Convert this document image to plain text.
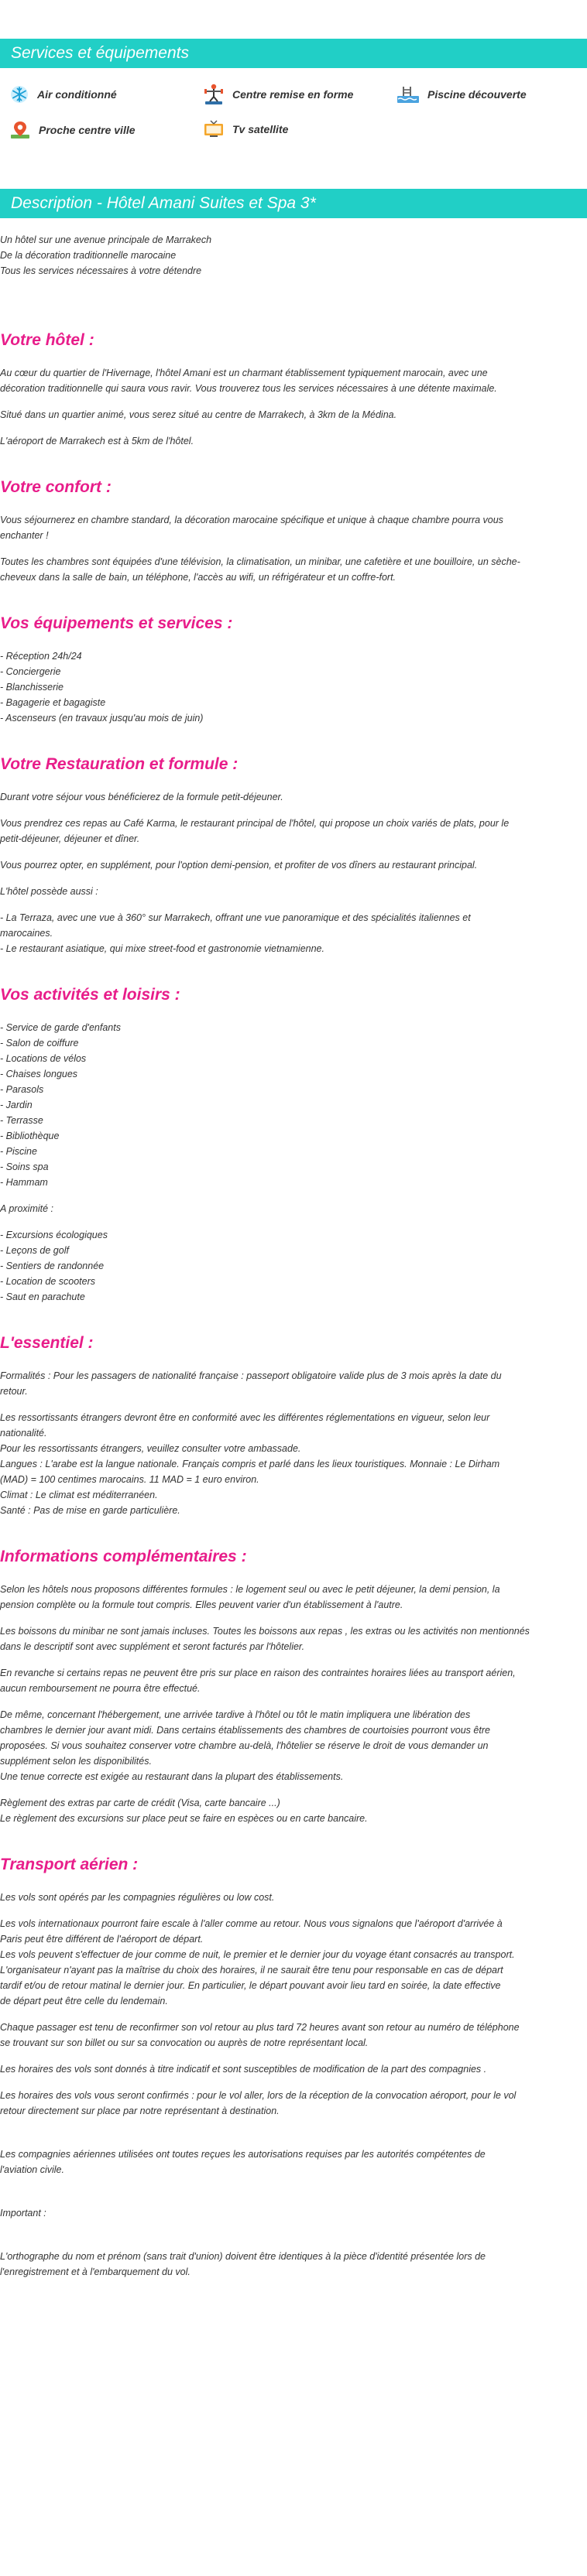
Services et équipements
Air conditionné	Centre remise en forme	Piscine découverte
Proche centre ville	Tv satellite
Description - Hôtel Amani Suites et Spa 3*
Un hôtel sur une avenue principale de Marrakech
De la décoration traditionnelle marocaine
Tous les services nécessaires à votre détendre
Votre hôtel :
Au cœur du quartier de l'Hivernage, l'hôtel Amani est un charmant établissement typiquement marocain, avec une
décoration traditionnelle qui saura vous ravir. Vous trouverez tous les services nécessaires à une détente maximale.
Situé dans un quartier animé, vous serez situé au centre de Marrakech, à 3km de la Médina.
L'aéroport de Marrakech est à 5km de l'hôtel.
Votre confort :
Vous séjournerez en chambre standard, la décoration marocaine spécifique et unique à chaque chambre pourra vous
enchanter !
Toutes les chambres sont équipées d'une télévision, la climatisation, un minibar, une cafetière et une bouilloire, un sèche-
cheveux dans la salle de bain, un téléphone, l'accès au wifi, un réfrigérateur et un coffre-fort.
Vos équipements et services :
- Réception 24h/24
- Conciergerie
- Blanchisserie
- Bagagerie et bagagiste
- Ascenseurs (en travaux jusqu'au mois de juin)
Votre Restauration et formule :
Durant votre séjour vous bénéficierez de la formule petit-déjeuner.
Vous prendrez ces repas au Café Karma, le restaurant principal de l'hôtel, qui propose un choix variés de plats, pour le
petit-déjeuner, déjeuner et dîner.
Vous pourrez opter, en supplément, pour l'option demi-pension, et profiter de vos dîners au restaurant principal.
L'hôtel possède aussi :
- La Terraza, avec une vue à 360° sur Marrakech, offrant une vue panoramique et des spécialités italiennes et
marocaines.
- Le restaurant asiatique, qui mixe street-food et gastronomie vietnamienne.
Vos activités et loisirs :
- Service de garde d'enfants
- Salon de coiffure
- Locations de vélos
- Chaises longues
- Parasols
- Jardin
- Terrasse
- Bibliothèque
- Piscine
- Soins spa
- Hammam
A proximité :
- Excursions écologiques
- Leçons de golf
- Sentiers de randonnée
- Location de scooters
- Saut en parachute
L'essentiel :
Formalités : Pour les passagers de nationalité française : passeport obligatoire valide plus de 3 mois après la date du
retour.
Les ressortissants étrangers devront être en conformité avec les différentes réglementations en vigueur, selon leur
nationalité.
Pour les ressortissants étrangers, veuillez consulter votre ambassade.
Langues : L'arabe est la langue nationale. Français compris et parlé dans les lieux touristiques. Monnaie : Le Dirham
(MAD) = 100 centimes marocains. 11 MAD = 1 euro environ.
Climat : Le climat est méditerranéen.
Santé : Pas de mise en garde particulière.
Informations complémentaires :
Selon les hôtels nous proposons différentes formules : le logement seul ou avec le petit déjeuner, la demi pension, la
pension complète ou la formule tout compris. Elles peuvent varier d'un établissement à l'autre.
Les boissons du minibar ne sont jamais incluses. Toutes les boissons aux repas , les extras ou les activités non mentionnés
dans le descriptif sont avec supplément et seront facturés par l'hôtelier.
En revanche si certains repas ne peuvent être pris sur place en raison des contraintes horaires liées au transport aérien,
aucun remboursement ne pourra être effectué.
De même, concernant l'hébergement, une arrivée tardive à l'hôtel ou tôt le matin impliquera une libération des
chambres le dernier jour avant midi. Dans certains établissements des chambres de courtoisies pourront vous être
proposées. Si vous souhaitez conserver votre chambre au-delà, l'hôtelier se réserve le droit de vous demander un
supplément selon les disponibilités.
Une tenue correcte est exigée au restaurant dans la plupart des établissements.
Règlement des extras par carte de crédit (Visa, carte bancaire ...)
Le règlement des excursions sur place peut se faire en espèces ou en carte bancaire.
Transport aérien :
Les vols sont opérés par les compagnies régulières ou low cost.
Les vols internationaux pourront faire escale à l'aller comme au retour. Nous vous signalons que l'aéroport d'arrivée à
Paris peut être différent de l'aéroport de départ.
Les vols peuvent s'effectuer de jour comme de nuit, le premier et le dernier jour du voyage étant consacrés au transport.
L'organisateur n'ayant pas la maîtrise du choix des horaires, il ne saurait être tenu pour responsable en cas de départ
tardif et/ou de retour matinal le dernier jour. En particulier, le départ pouvant avoir lieu tard en soirée, la date effective
de départ peut être celle du lendemain.
Chaque passager est tenu de reconfirmer son vol retour au plus tard 72 heures avant son retour au numéro de téléphone
se trouvant sur son billet ou sur sa convocation ou auprès de notre représentant local.
Les horaires des vols sont donnés à titre indicatif et sont susceptibles de modification de la part des compagnies .
Les horaires des vols vous seront confirmés : pour le vol aller, lors de la réception de la convocation aéroport, pour le vol
retour directement sur place par notre représentant à destination.
Les compagnies aériennes utilisées ont toutes reçues les autorisations requises par les autorités compétentes de
l'aviation civile.
Important :
L'orthographe du nom et prénom (sans trait d'union) doivent être identiques à la pièce d'identité présentée lors de
l'enregistrement et à l'embarquement du vol.
